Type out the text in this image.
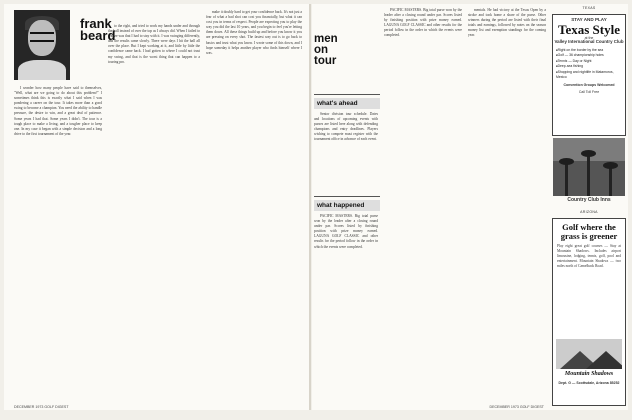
frank
beard

I wonder how many people have said to themselves, "Well, what are we going to do about this problem?" I sometimes think this is exactly what I said when I was pondering a career on the tour. It takes more than a good swing to become a champion. You need the ability to handle pressure, the desire to win, and a great deal of patience. Some years I had that. Some years I didn't. The tour is a tough place to make a living, and a tougher place to keep one. In my case it began with a simple decision and a long drive to the first tournament of the year.

to the right, and tried to work my hands under and through the ball instead of over the top as I always did. When I failed to realize was that I had to stay with it. I was swinging differently, and the results came slowly. There were days I hit the ball all over the place. But I kept working at it, and little by little the confidence came back. I had gotten to where I could not trust my swing, and that is the worst thing that can happen to a touring pro.

make it doubly hard to get your confidence back. It's not just a fear of what a bad shot can cost you financially, but what it can cost you in terms of respect. People are expecting you to play the way you did the last 10 years, and you begin to feel you're letting them down. All these things build up and before you know it you are pressing on every shot. The fastest way out is to go back to basics and trust what you know. I wrote some of this down, and I hope someday it helps another player who finds himself where I was.

DECEMBER 1973 GOLF DIGEST
men
on
tour
what's ahead

Senior division tour schedule. Dates and locations of upcoming events with purses are listed here along with defending champions and entry deadlines. Players wishing to compete must register with the tournament office in advance of each event.

what happened

PACIFIC MASTERS. Big total purse won by the leader after a closing round under par. Scores listed by finishing position with prize money earned. LAGUNA GOLF CLASSIC and other results for the period follow in the order in which the events were completed.

PACIFIC MASTERS. Big total purse won by the leader after a closing round under par. Scores listed by finishing position with prize money earned. LAGUNA GOLF CLASSIC and other results for the period follow in the order in which the events were completed.

mentals. He had victory at the Texas Open by a stroke and took home a share of the purse. Other winners during the period are listed with their final totals and earnings, followed by notes on the season money list and exemption standings for the coming year.

TEXAS
STAY AND PLAY
Texas Style
at the
Valley International Country Club
■ Right on the border by the sea
■ Golf — 36 championship holes
■ Tennis — Day or Night
■ Deep-sea fishing
■ Shopping and nightlife in Matamoros, Mexico
Convention Groups Welcomed
Call Toll Free
Country Club Inns
ARIZONA
Golf where the grass is greener
Play eight great golf courses — Stay at Mountain Shadows. Includes airport limousine, lodging, tennis, golf, pool and entertainment. Mountain Shadows — two miles north of Camelback Road.
Mountain Shadows
Dept. G — Scottsdale, Arizona 85252
DECEMBER 1973 GOLF DIGEST
